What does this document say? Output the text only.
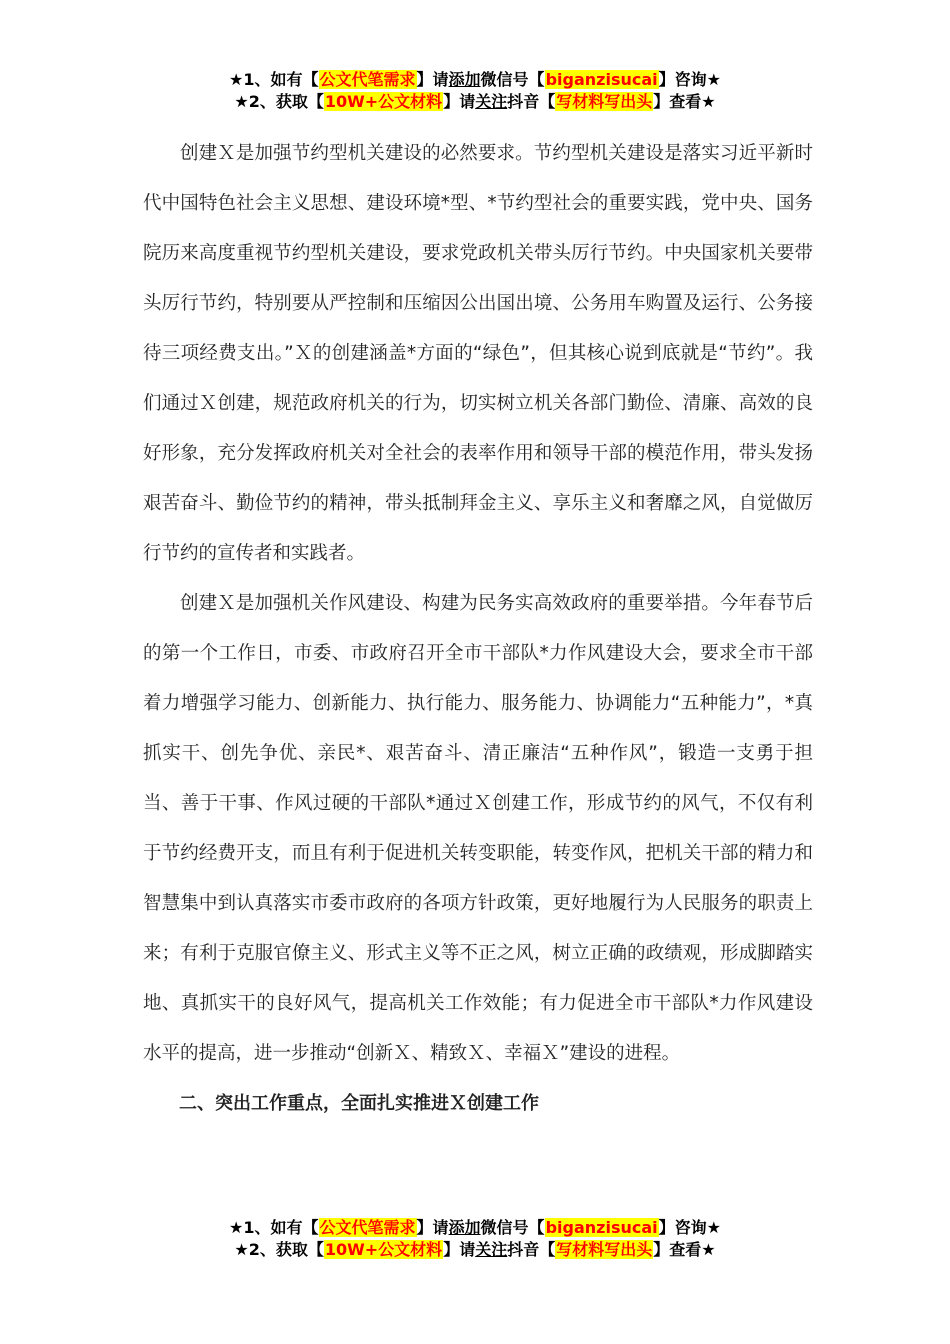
★1、如有【公文代笔需求】请添加微信号【biganzisucai】咨询★
★2、获取【10W+公文材料】请关注抖音【写材料写出头】查看★

创建Ｘ是加强节约型机关建设的必然要求。节约型机关建设是落实习近平新时代中国特色社会主义思想、建设环境*型、*节约型社会的重要实践，党中央、国务院历来高度重视节约型机关建设，要求党政机关带头厉行节约。中央国家机关要带头厉行节约，特别要从严控制和压缩因公出国出境、公务用车购置及运行、公务接待三项经费支出。”Ｘ的创建涵盖*方面的“绿色”，但其核心说到底就是“节约”。我们通过Ｘ创建，规范政府机关的行为，切实树立机关各部门勤俭、清廉、高效的良好形象，充分发挥政府机关对全社会的表率作用和领导干部的模范作用，带头发扬艰苦奋斗、勤俭节约的精神，带头抵制拜金主义、享乐主义和奢靡之风，自觉做厉行节约的宣传者和实践者。

创建Ｘ是加强机关作风建设、构建为民务实高效政府的重要举措。今年春节后的第一个工作日，市委、市政府召开全市干部队*力作风建设大会，要求全市干部着力增强学习能力、创新能力、执行能力、服务能力、协调能力“五种能力”，*真抓实干、创先争优、亲民*、艰苦奋斗、清正廉洁“五种作风”，锻造一支勇于担当、善于干事、作风过硬的干部队*通过Ｘ创建工作，形成节约的风气，不仅有利于节约经费开支，而且有利于促进机关转变职能，转变作风，把机关干部的精力和智慧集中到认真落实市委市政府的各项方针政策，更好地履行为人民服务的职责上来；有利于克服官僚主义、形式主义等不正之风，树立正确的政绩观，形成脚踏实地、真抓实干的良好风气，提高机关工作效能；有力促进全市干部队*力作风建设水平的提高，进一步推动“创新Ｘ、精致Ｘ、幸福Ｘ”建设的进程。

二、突出工作重点，全面扎实推进Ｘ创建工作

★1、如有【公文代笔需求】请添加微信号【biganzisucai】咨询★
★2、获取【10W+公文材料】请关注抖音【写材料写出头】查看★
